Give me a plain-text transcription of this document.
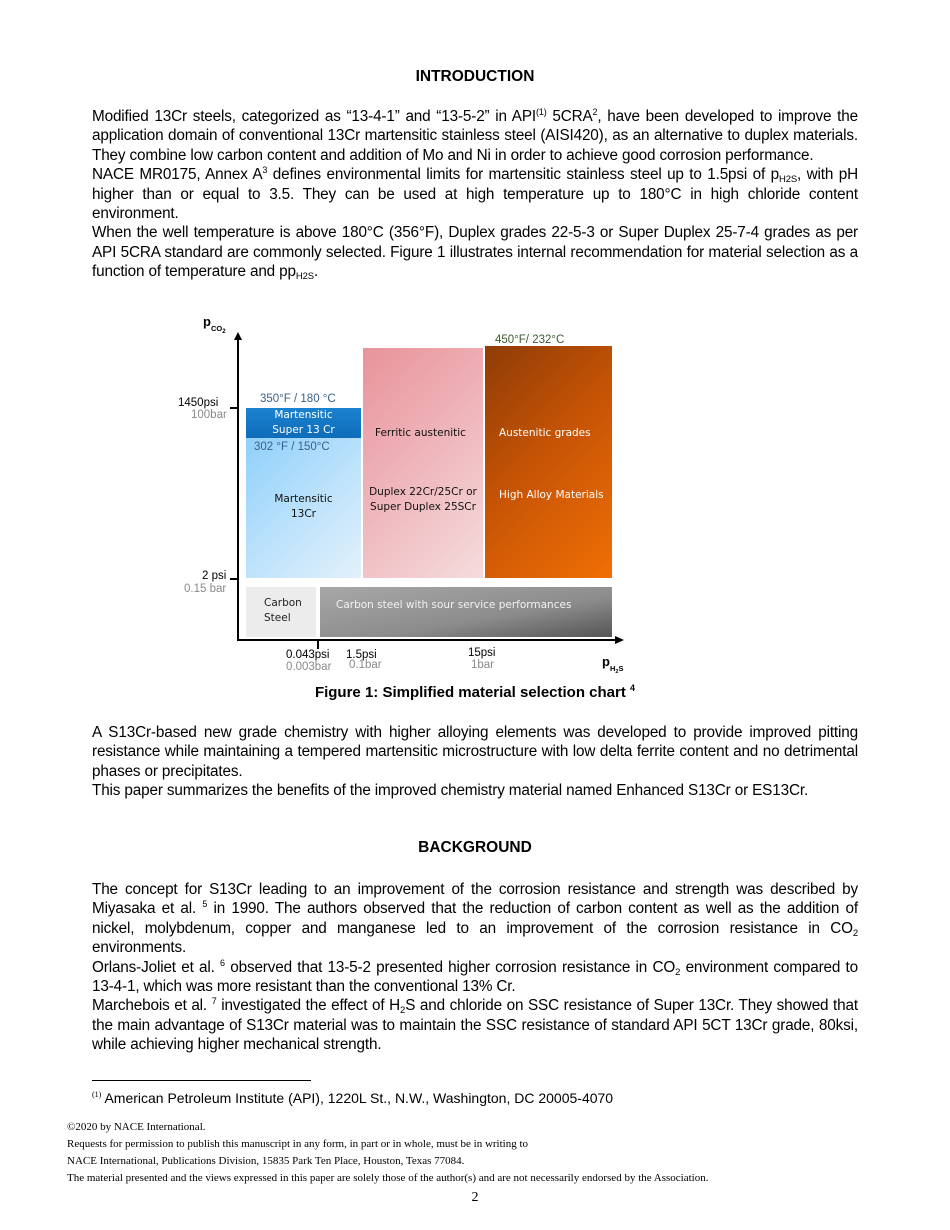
INTRODUCTION

Modified 13Cr steels, categorized as “13-4-1” and “13-5-2” in API$^{(1)}$ 5CRA$^2$, have been developed to improve the application domain of conventional 13Cr martensitic stainless steel (AISI420), as an alternative to duplex materials. They combine low carbon content and addition of Mo and Ni in order to achieve good corrosion performance.

NACE MR0175, Annex $A^3$ defines environmental limits for martensitic stainless steel up to 1.5psi of $p_{H2S}$, with pH higher than or equal to 3.5. They can be used at high temperature up to 180°C in high chloride content environment.

When the well temperature is above 180°C (356°F), Duplex grades 22-5-3 or Super Duplex 25-7-4 grades as per API 5CRA standard are commonly selected. Figure 1 illustrates internal recommendation for material selection as a function of temperature and $pp_{H2S}$.

$p_{CO2}$
1450psi
100bar
2 psi
0.15 bar
0.043psi
0.003bar
1.5psi
0.1bar
15psi
1bar	$p_{H2S}$
Martensitic
13Cr
Martensitic
Super 13 Cr	Ferritic austenitic
Duplex 22Cr/25Cr or
Super Duplex 25SCr
Austenitic grades
High Alloy Materials
Carbon
Steel
Carbon steel with sour service performances
350°F / 180 °C
302 °F / 150°C
450°F/ 232°C
Figure 1: Simplified material selection chart $^4$

A S13Cr-based new grade chemistry with higher alloying elements was developed to provide improved pitting resistance while maintaining a tempered martensitic microstructure with low delta ferrite content and no detrimental phases or precipitates.

This paper summarizes the benefits of the improved chemistry material named Enhanced S13Cr or ES13Cr.

BACKGROUND

The concept for S13Cr leading to an improvement of the corrosion resistance and strength was described by Miyasaka et al. $^5$ in 1990. The authors observed that the reduction of carbon content as well as the addition of nickel, molybdenum, copper and manganese led to an improvement of the corrosion resistance in $CO_2$ environments.

Orlans-Joliet et al. $^6$ observed that 13-5-2 presented higher corrosion resistance in $CO_2$ environment compared to 13-4-1, which was more resistant than the conventional 13% Cr.

Marchebois et al. $^7$ investigated the effect of $H_2S$ and chloride on SSC resistance of Super 13Cr. They showed that the main advantage of S13Cr material was to maintain the SSC resistance of standard API 5CT 13Cr grade, 80ksi, while achieving higher mechanical strength.

$^{(1)}$ American Petroleum Institute (API), 1220L St., N.W., Washington, DC 20005-4070
©2020 by NACE International.
Requests for permission to publish this manuscript in any form, in part or in whole, must be in writing to
NACE International, Publications Division, 15835 Park Ten Place, Houston, Texas 77084.
The material presented and the views expressed in this paper are solely those of the author(s) and are not necessarily endorsed by the Association.
2
